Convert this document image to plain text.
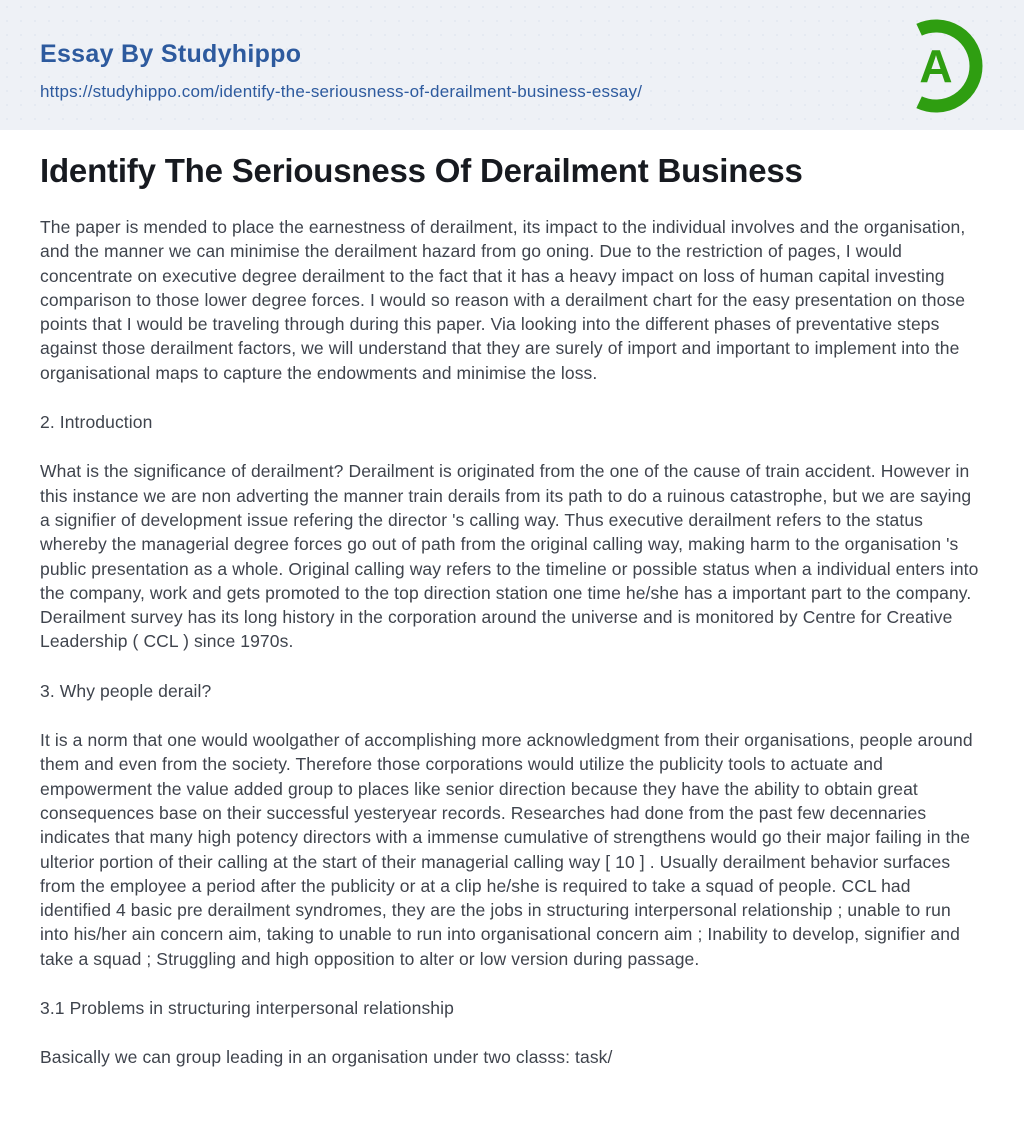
Essay By Studyhippo
https://studyhippo.com/identify-the-seriousness-of-derailment-business-essay/	A
Identify The Seriousness Of Derailment Business

The paper is mended to place the earnestness of derailment, its impact to the individual involves and the organisation, and the manner we can minimise the derailment hazard from go oning. Due to the restriction of pages, I would concentrate on executive degree derailment to the fact that it has a heavy impact on loss of human capital investing comparison to those lower degree forces. I would so reason with a derailment chart for the easy presentation on those points that I would be traveling through during this paper. Via looking into the different phases of preventative steps against those derailment factors, we will understand that they are surely of import and important to implement into the organisational maps to capture the endowments and minimise the loss.

2. Introduction

What is the significance of derailment? Derailment is originated from the one of the cause of train accident. However in this instance we are non adverting the manner train derails from its path to do a ruinous catastrophe, but we are saying a signifier of development issue refering the director 's calling way. Thus executive derailment refers to the status whereby the managerial degree forces go out of path from the original calling way, making harm to the organisation 's public presentation as a whole. Original calling way refers to the timeline or possible status when a individual enters into the company, work and gets promoted to the top direction station one time he/she has a important part to the company. Derailment survey has its long history in the corporation around the universe and is monitored by Centre for Creative Leadership ( CCL ) since 1970s.

3. Why people derail?

It is a norm that one would woolgather of accomplishing more acknowledgment from their organisations, people around them and even from the society. Therefore those corporations would utilize the publicity tools to actuate and empowerment the value added group to places like senior direction because they have the ability to obtain great consequences base on their successful yesteryear records. Researches had done from the past few decennaries indicates that many high potency directors with a immense cumulative of strengthens would go their major failing in the ulterior portion of their calling at the start of their managerial calling way [ 10 ] . Usually derailment behavior surfaces from the employee a period after the publicity or at a clip he/she is required to take a squad of people. CCL had identified 4 basic pre derailment syndromes, they are the jobs in structuring interpersonal relationship ; unable to run into his/her ain concern aim, taking to unable to run into organisational concern aim ; Inability to develop, signifier and take a squad ; Struggling and high opposition to alter or low version during passage.

3.1 Problems in structuring interpersonal relationship

Basically we can group leading in an organisation under two classs: task/
